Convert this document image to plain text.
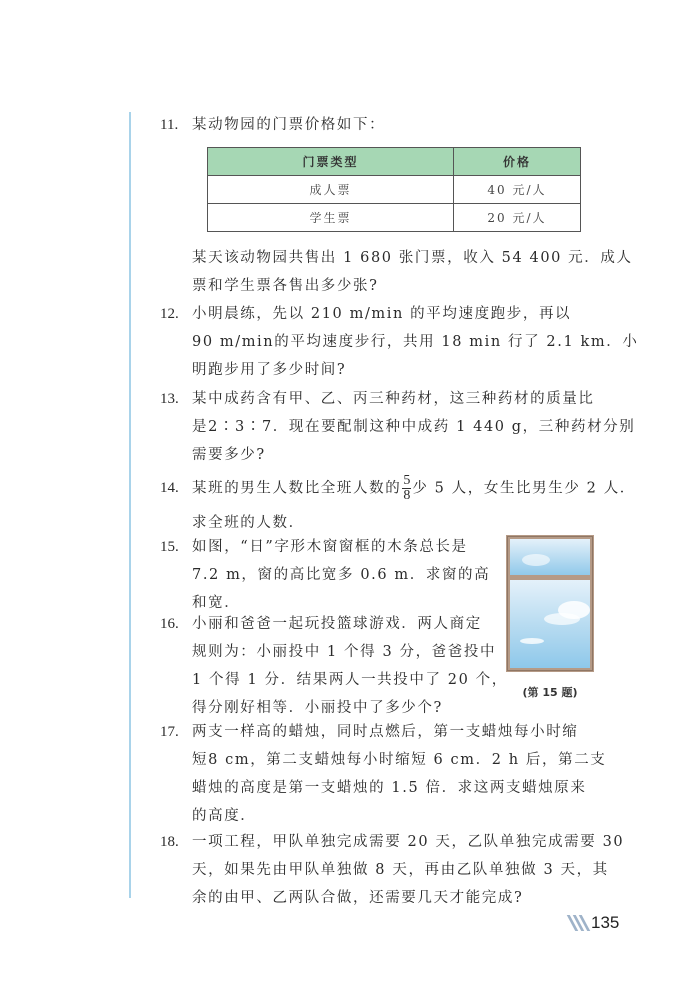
11. 某动物园的门票价格如下：
门票类型	价格
成人票	40 元/人
学生票	20 元/人
某天该动物园共售出 1 680 张门票，收入 54 400 元．成人
票和学生票各售出多少张?
12. 小明晨练，先以 210 m/min 的平均速度跑步，再以
90 m/min的平均速度步行，共用 18 min 行了 2.1 km．小
明跑步用了多少时间?
13. 某中成药含有甲、乙、丙三种药材，这三种药材的质量比
是2∶3∶7．现在要配制这种中成药 1 440 g，三种药材分别
需要多少?
14. 某班的男生人数比全班人数的 $\frac{5}{8}$ 少 5 人，女生比男生少 2 人．
求全班的人数．
15. 如图，“日”字形木窗窗框的木条总长是
7.2 m，窗的高比宽多 0.6 m．求窗的高
和宽．
(第 15 题)
16. 小丽和爸爸一起玩投篮球游戏．两人商定
规则为：小丽投中 1 个得 3 分，爸爸投中
1 个得 1 分．结果两人一共投中了 20 个，
得分刚好相等．小丽投中了多少个?
17. 两支一样高的蜡烛，同时点燃后，第一支蜡烛每小时缩
短8 cm，第二支蜡烛每小时缩短 6 cm．2 h 后，第二支
蜡烛的高度是第一支蜡烛的 1.5 倍．求这两支蜡烛原来
的高度．
18. 一项工程，甲队单独完成需要 20 天，乙队单独完成需要 30
天，如果先由甲队单独做 8 天，再由乙队单独做 3 天，其
余的由甲、乙两队合做，还需要几天才能完成?
135
